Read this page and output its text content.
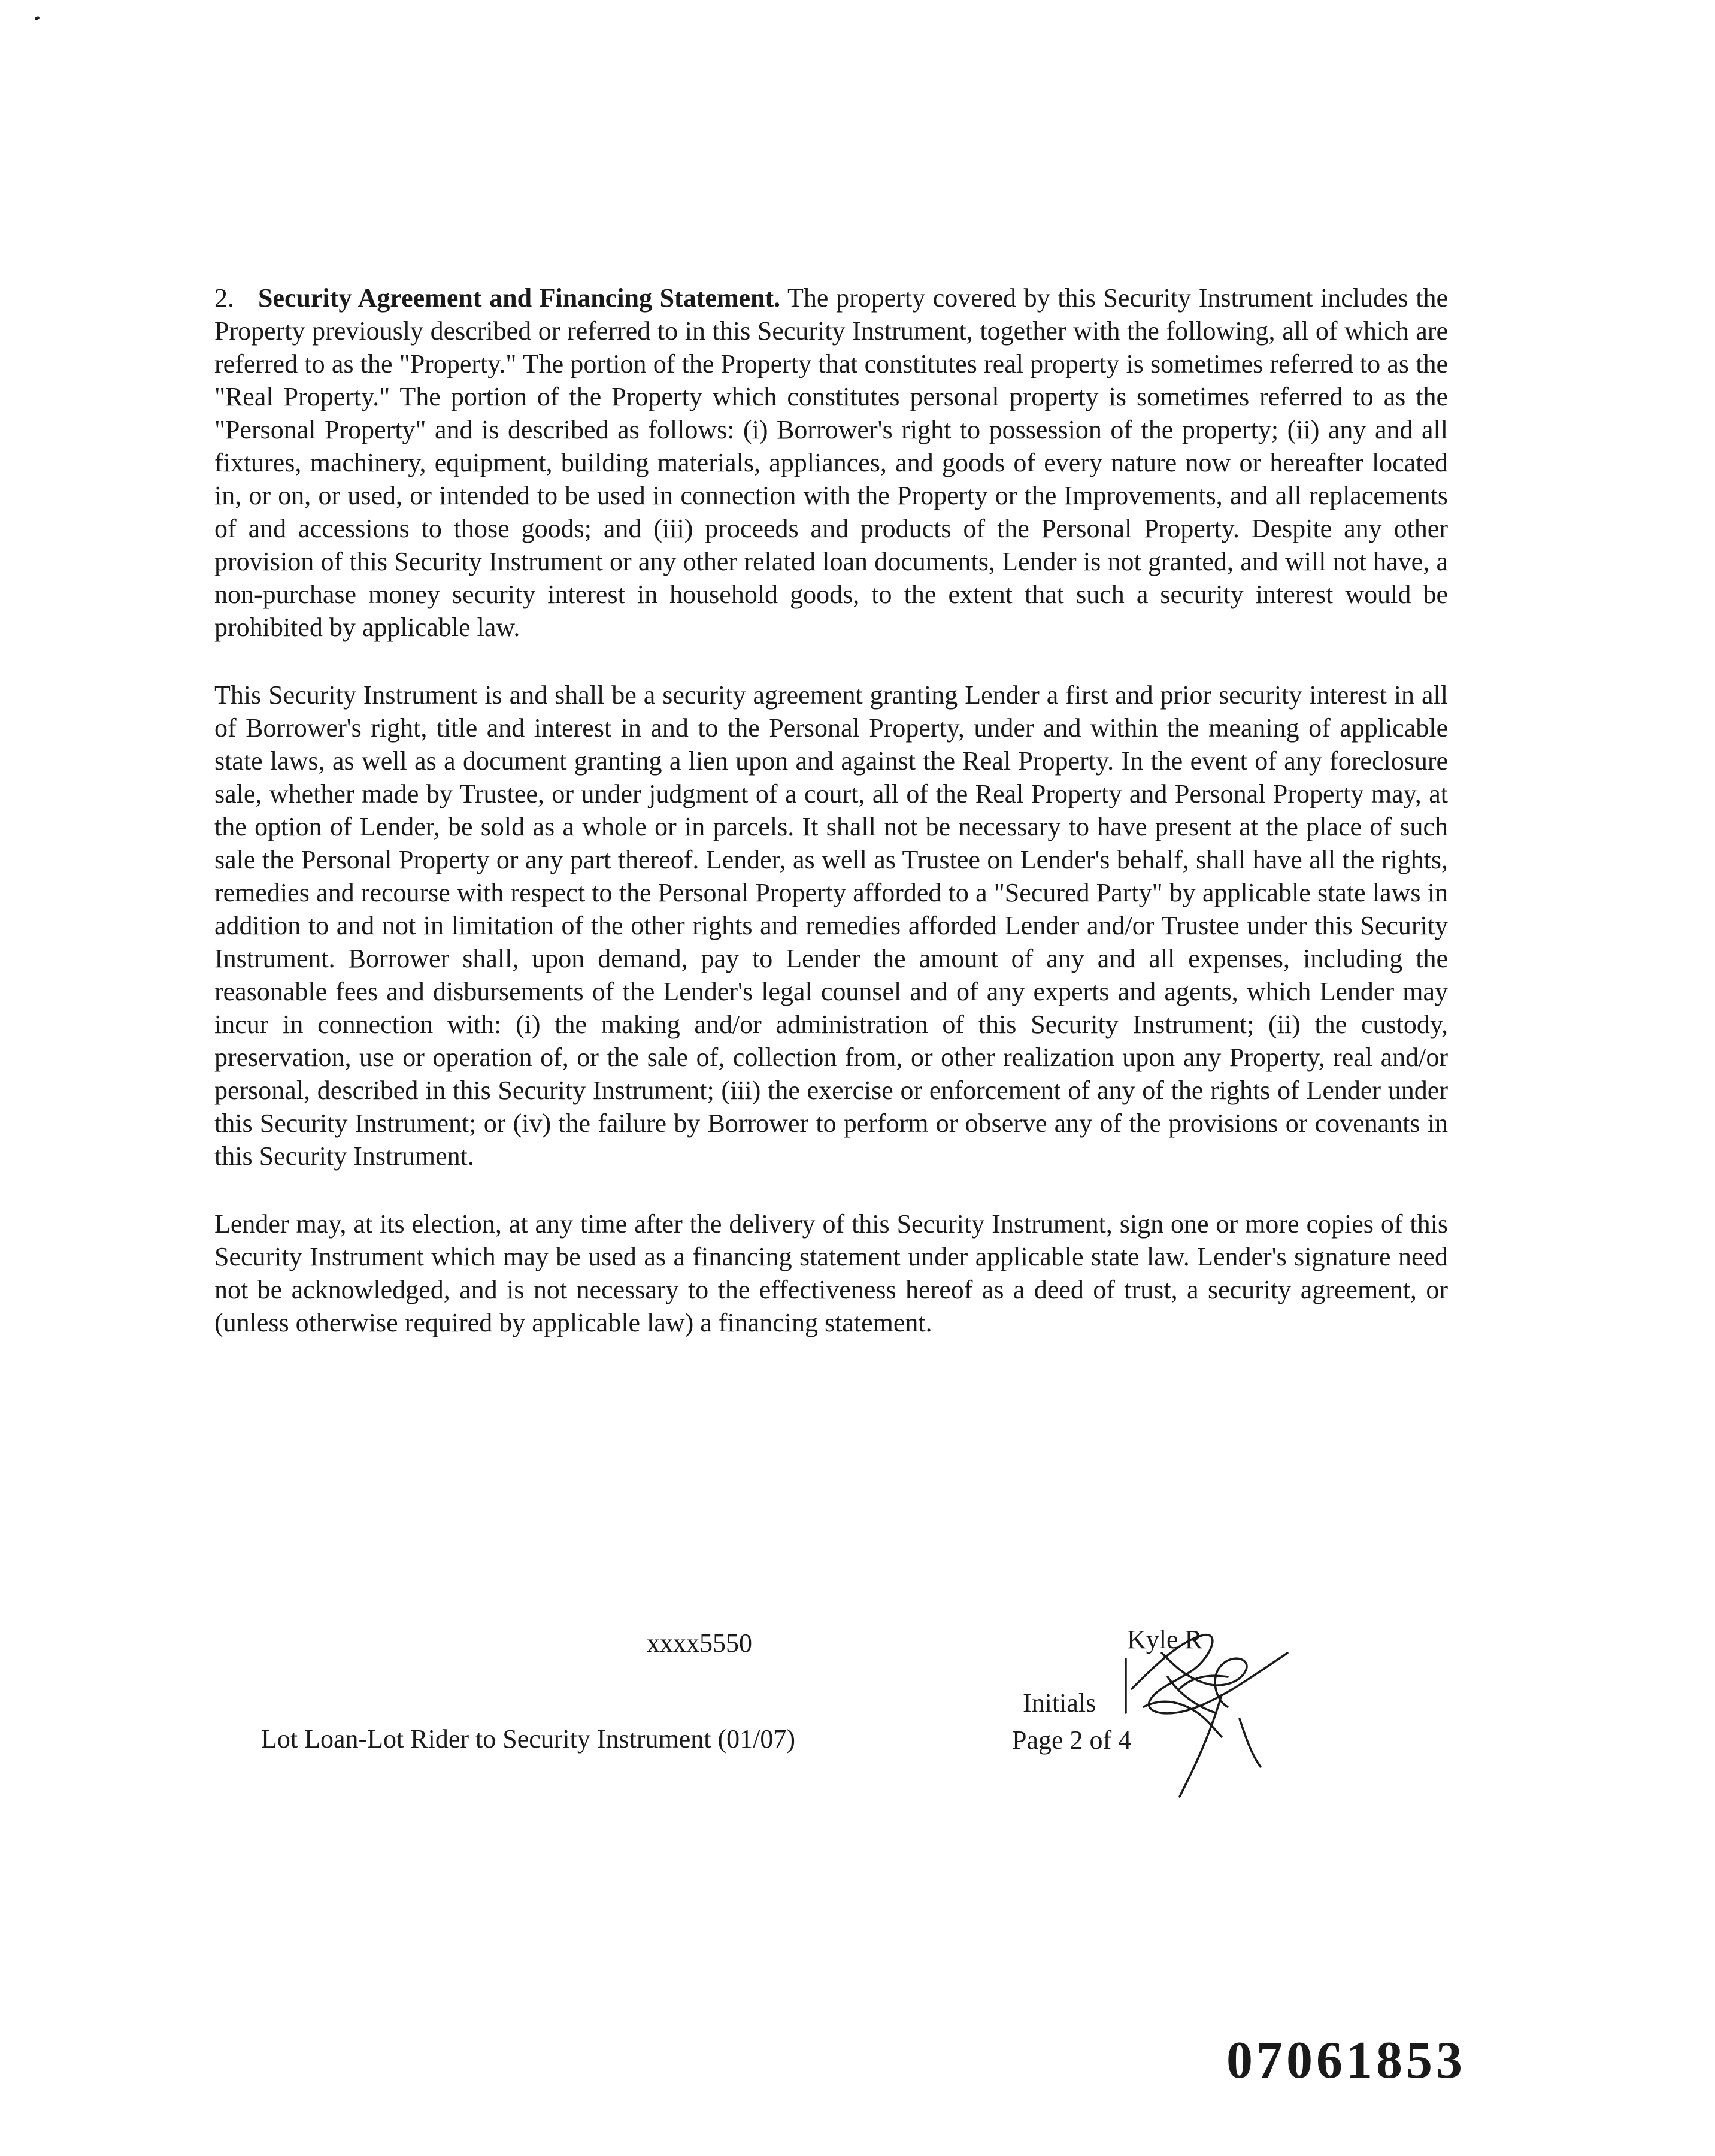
2. Security Agreement and Financing Statement. The property covered by this Security Instrument includes the Property previously described or referred to in this Security Instrument, together with the following, all of which are referred to as the "Property." The portion of the Property that constitutes real property is sometimes referred to as the "Real Property." The portion of the Property which constitutes personal property is sometimes referred to as the "Personal Property" and is described as follows: (i) Borrower's right to possession of the property; (ii) any and all fixtures, machinery, equipment, building materials, appliances, and goods of every nature now or hereafter located in, or on, or used, or intended to be used in connection with the Property or the Improvements, and all replacements of and accessions to those goods; and (iii) proceeds and products of the Personal Property. Despite any other provision of this Security Instrument or any other related loan documents, Lender is not granted, and will not have, a non-purchase money security interest in household goods, to the extent that such a security interest would be prohibited by applicable law.

This Security Instrument is and shall be a security agreement granting Lender a first and prior security interest in all of Borrower's right, title and interest in and to the Personal Property, under and within the meaning of applicable state laws, as well as a document granting a lien upon and against the Real Property. In the event of any foreclosure sale, whether made by Trustee, or under judgment of a court, all of the Real Property and Personal Property may, at the option of Lender, be sold as a whole or in parcels. It shall not be necessary to have present at the place of such sale the Personal Property or any part thereof. Lender, as well as Trustee on Lender's behalf, shall have all the rights, remedies and recourse with respect to the Personal Property afforded to a "Secured Party" by applicable state laws in addition to and not in limitation of the other rights and remedies afforded Lender and/or Trustee under this Security Instrument. Borrower shall, upon demand, pay to Lender the amount of any and all expenses, including the reasonable fees and disbursements of the Lender's legal counsel and of any experts and agents, which Lender may incur in connection with: (i) the making and/or administration of this Security Instrument; (ii) the custody, preservation, use or operation of, or the sale of, collection from, or other realization upon any Property, real and/or personal, described in this Security Instrument; (iii) the exercise or enforcement of any of the rights of Lender under this Security Instrument; or (iv) the failure by Borrower to perform or observe any of the provisions or covenants in this Security Instrument.

Lender may, at its election, at any time after the delivery of this Security Instrument, sign one or more copies of this Security Instrument which may be used as a financing statement under applicable state law. Lender's signature need not be acknowledged, and is not necessary to the effectiveness hereof as a deed of trust, a security agreement, or (unless otherwise required by applicable law) a financing statement.

xxxx5550
Lot Loan-Lot Rider to Security Instrument (01/07)
Initials
Page 2 of 4
Kyle R
07061853
